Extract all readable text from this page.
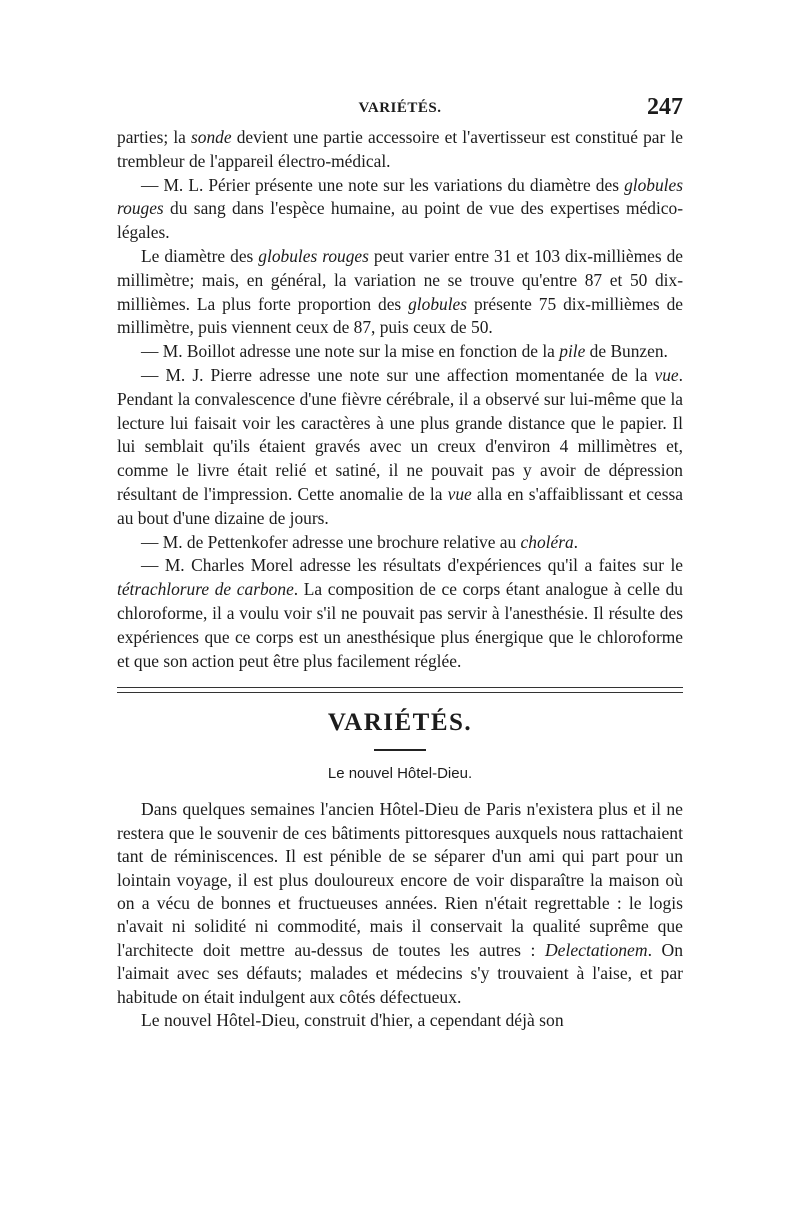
VARIÉTÉS.	247

parties; la sonde devient une partie accessoire et l'avertisseur est constitué par le trembleur de l'appareil électro-médical.

— M. L. Périer présente une note sur les variations du diamètre des globules rouges du sang dans l'espèce humaine, au point de vue des expertises médico-légales.

Le diamètre des globules rouges peut varier entre 31 et 103 dix-millièmes de millimètre; mais, en général, la variation ne se trouve qu'entre 87 et 50 dix-millièmes. La plus forte proportion des globules présente 75 dix-millièmes de millimètre, puis viennent ceux de 87, puis ceux de 50.

— M. Boillot adresse une note sur la mise en fonction de la pile de Bunzen.

— M. J. Pierre adresse une note sur une affection momentanée de la vue. Pendant la convalescence d'une fièvre cérébrale, il a observé sur lui-même que la lecture lui faisait voir les caractères à une plus grande distance que le papier. Il lui semblait qu'ils étaient gravés avec un creux d'environ 4 millimètres et, comme le livre était relié et satiné, il ne pouvait pas y avoir de dépression résultant de l'impression. Cette anomalie de la vue alla en s'affaiblissant et cessa au bout d'une dizaine de jours.

— M. de Pettenkofer adresse une brochure relative au choléra.

— M. Charles Morel adresse les résultats d'expériences qu'il a faites sur le tétrachlorure de carbone. La composition de ce corps étant analogue à celle du chloroforme, il a voulu voir s'il ne pouvait pas servir à l'anesthésie. Il résulte des expériences que ce corps est un anesthésique plus énergique que le chloroforme et que son action peut être plus facilement réglée.

VARIÉTÉS.
Le nouvel Hôtel-Dieu.

Dans quelques semaines l'ancien Hôtel-Dieu de Paris n'existera plus et il ne restera que le souvenir de ces bâtiments pittoresques auxquels nous rattachaient tant de réminiscences. Il est pénible de se séparer d'un ami qui part pour un lointain voyage, il est plus douloureux encore de voir disparaître la maison où on a vécu de bonnes et fructueuses années. Rien n'était regrettable : le logis n'avait ni solidité ni commodité, mais il conservait la qualité suprême que l'architecte doit mettre au-dessus de toutes les autres : Delectationem. On l'aimait avec ses défauts; malades et médecins s'y trouvaient à l'aise, et par habitude on était indulgent aux côtés défectueux.

Le nouvel Hôtel-Dieu, construit d'hier, a cependant déjà son
